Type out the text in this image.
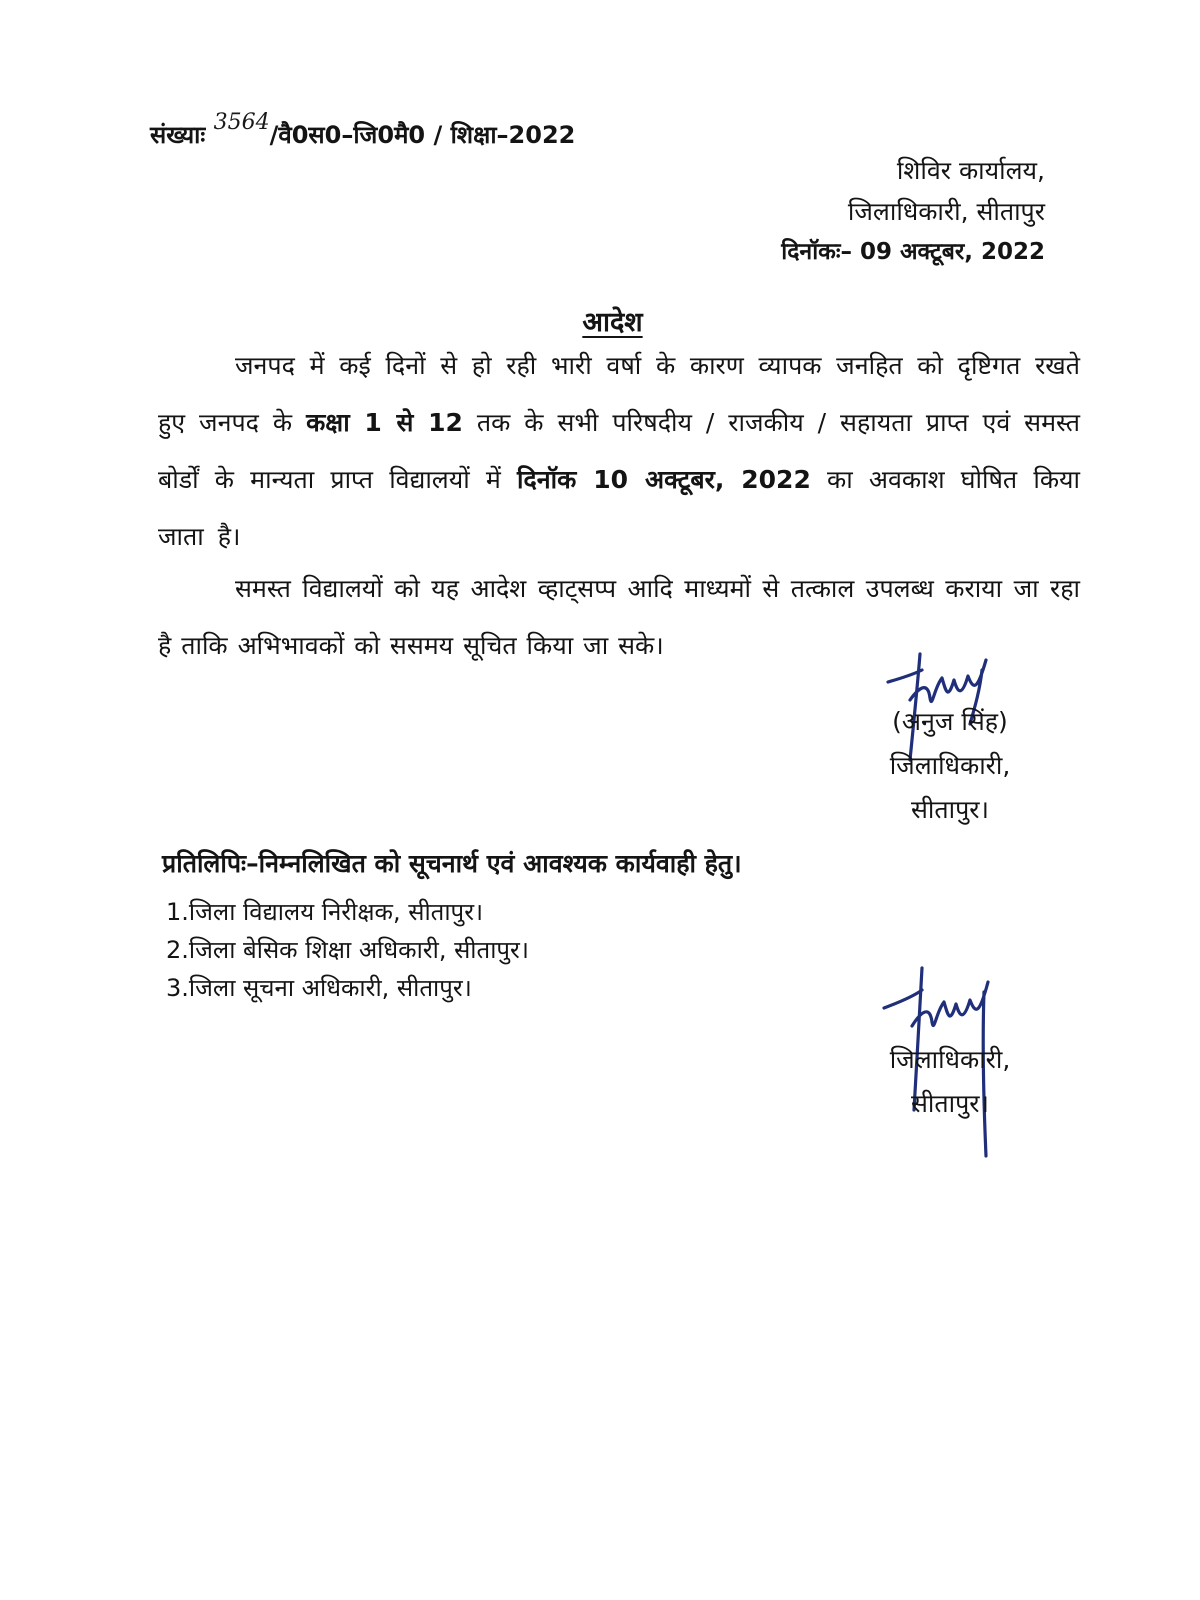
संख्याः 3564/वै0स0–जि0मै0 / शिक्षा–2022
शिविर कार्यालय,
जिलाधिकारी, सीतापुर
दिनॉकः– 09 अक्टूबर, 2022
आदेश
जनपद में कई दिनों से हो रही भारी वर्षा के कारण व्यापक जनहित को दृष्टिगत रखते हुए जनपद के कक्षा 1 से 12 तक के सभी परिषदीय / राजकीय / सहायता प्राप्त एवं समस्त बोर्डों के मान्यता प्राप्त विद्यालयों में दिनॉक 10 अक्टूबर, 2022 का अवकाश घोषित किया जाता है।
समस्त विद्यालयों को यह आदेश व्हाट्सप्प आदि माध्यमों से तत्काल उपलब्ध कराया जा रहा है ताकि अभिभावकों को ससमय सूचित किया जा सके।
(अनुज सिंह)
जिलाधिकारी,
सीतापुर।
प्रतिलिपिः–निम्नलिखित को सूचनार्थ एवं आवश्यक कार्यवाही हेतु।
1.जिला विद्यालय निरीक्षक, सीतापुर।
2.जिला बेसिक शिक्षा अधिकारी, सीतापुर।
3.जिला सूचना अधिकारी, सीतापुर।
जिलाधिकारी,
सीतापुर।
